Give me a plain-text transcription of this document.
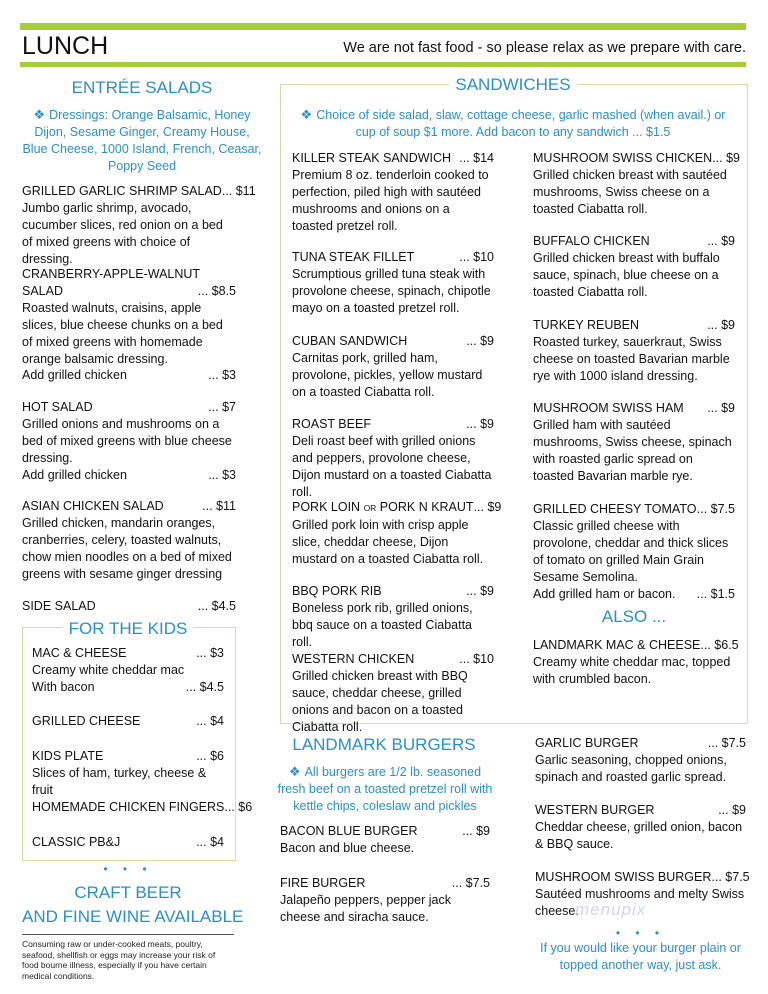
LUNCH	We are not fast food - so please relax as we prepare with care.
ENTRÉE SALADS
❖ Dressings: Orange Balsamic, Honey Dijon, Sesame Ginger, Creamy House, Blue Cheese, 1000 Island, French, Ceasar, Poppy Seed
GRILLED GARLIC SHRIMP SALAD ... $11
Jumbo garlic shrimp, avocado, cucumber slices, red onion on a bed of mixed greens with choice of dressing.
CRANBERRY-APPLE-WALNUT
SALAD	... $8.5
Roasted walnuts, craisins, apple slices, blue cheese chunks on a bed of mixed greens with homemade orange balsamic dressing.
Add grilled chicken	... $3
HOT SALAD	... $7
Grilled onions and mushrooms on a bed of mixed greens with blue cheese dressing.
Add grilled chicken	... $3
ASIAN CHICKEN SALAD	... $11
Grilled chicken, mandarin oranges, cranberries, celery, toasted walnuts, chow mien noodles on a bed of mixed greens with sesame ginger dressing
SIDE SALAD	... $4.5
FOR THE KIDS
MAC & CHEESE	... $3
Creamy white cheddar mac
With bacon	... $4.5
GRILLED CHEESE	... $4
KIDS PLATE	... $6
Slices of ham, turkey, cheese & fruit
HOMEMADE CHICKEN FINGERS ... $6
CLASSIC PB&J	... $4
• • •
CRAFT BEER
AND FINE WINE AVAILABLE
Consuming raw or under-cooked meats, poultry, seafood, shellfish or eggs may increase your risk of food bourne illness, especially if you have certain medical conditions.
SANDWICHES
❖ Choice of side salad, slaw, cottage cheese, garlic mashed (when avail.) or cup of soup $1 more. Add bacon to any sandwich ... $1.5
KILLER STEAK SANDWICH ... $14
Premium 8 oz. tenderloin cooked to perfection, piled high with sautéed mushrooms and onions on a toasted pretzel roll.
TUNA STEAK FILLET	... $10
Scrumptious grilled tuna steak with provolone cheese, spinach, chipotle mayo on a toasted pretzel roll.
CUBAN SANDWICH	... $9
Carnitas pork, grilled ham, provolone, pickles, yellow mustard on a toasted Ciabatta roll.
ROAST BEEF	... $9
Deli roast beef with grilled onions and peppers, provolone cheese, Dijon mustard on a toasted Ciabatta roll.
PORK LOIN OR PORK N KRAUT ... $9
Grilled pork loin with crisp apple slice, cheddar cheese, Dijon mustard on a toasted Ciabatta roll.
BBQ PORK RIB	... $9
Boneless pork rib, grilled onions, bbq sauce on a toasted Ciabatta roll.
WESTERN CHICKEN	... $10
Grilled chicken breast with BBQ sauce, cheddar cheese, grilled onions and bacon on a toasted Ciabatta roll.
MUSHROOM SWISS CHICKEN ... $9
Grilled chicken breast with sautéed mushrooms, Swiss cheese on a toasted Ciabatta roll.
BUFFALO CHICKEN	... $9
Grilled chicken breast with buffalo sauce, spinach, blue cheese on a toasted Ciabatta roll.
TURKEY REUBEN	... $9
Roasted turkey, sauerkraut, Swiss cheese on toasted Bavarian marble rye with 1000 island dressing.
MUSHROOM SWISS HAM ... $9
Grilled ham with sautéed mushrooms, Swiss cheese, spinach with roasted garlic spread on toasted Bavarian marble rye.
GRILLED CHEESY TOMATO ... $7.5
Classic grilled cheese with provolone, cheddar and thick slices of tomato on grilled Main Grain Sesame Semolina.
Add grilled ham or bacon. ... $1.5
ALSO ...
LANDMARK MAC & CHEESE ... $6.5
Creamy white cheddar mac, topped with crumbled bacon.
LANDMARK BURGERS
❖ All burgers are 1/2 lb. seasoned fresh beef on a toasted pretzel roll with kettle chips, coleslaw and pickles
BACON BLUE BURGER	... $9
Bacon and blue cheese.
FIRE BURGER	... $7.5
Jalapeño peppers, pepper jack cheese and siracha sauce.
GARLIC BURGER	... $7.5
Garlic seasoning, chopped onions, spinach and roasted garlic spread.
WESTERN BURGER	... $9
Cheddar cheese, grilled onion, bacon & BBQ sauce.
MUSHROOM SWISS BURGER ... $7.5
Sautéed mushrooms and melty Swiss cheese.
menupix
• • •
If you would like your burger plain or topped another way, just ask.
